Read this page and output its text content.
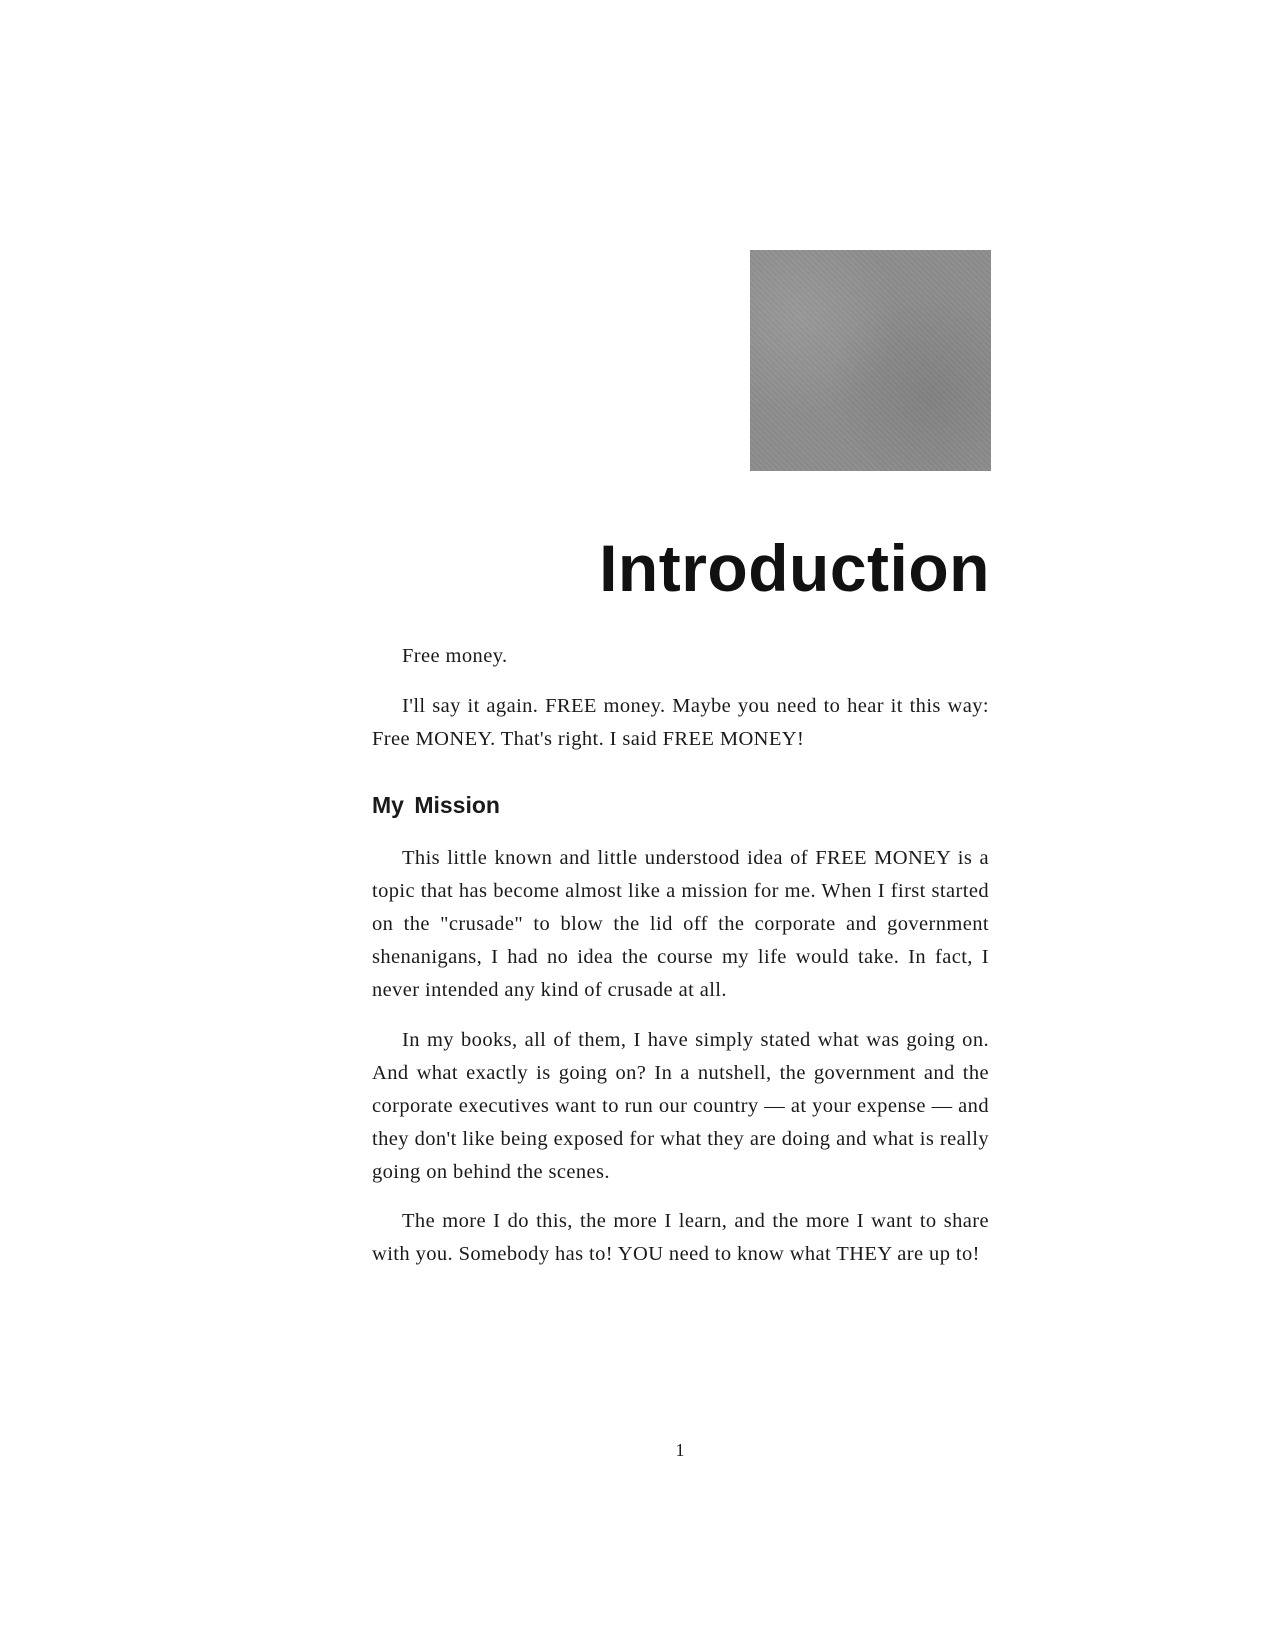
Introduction

Free money.

I'll say it again. FREE money. Maybe you need to hear it this way: Free MONEY. That's right. I said FREE MONEY!

My Mission

This little known and little understood idea of FREE MONEY is a topic that has become almost like a mission for me. When I first started on the "crusade" to blow the lid off the corporate and government shenanigans, I had no idea the course my life would take. In fact, I never intended any kind of crusade at all.

In my books, all of them, I have simply stated what was going on. And what exactly is going on? In a nutshell, the government and the corporate executives want to run our country — at your expense — and they don't like being exposed for what they are doing and what is really going on behind the scenes.

The more I do this, the more I learn, and the more I want to share with you. Somebody has to! YOU need to know what THEY are up to!

1
